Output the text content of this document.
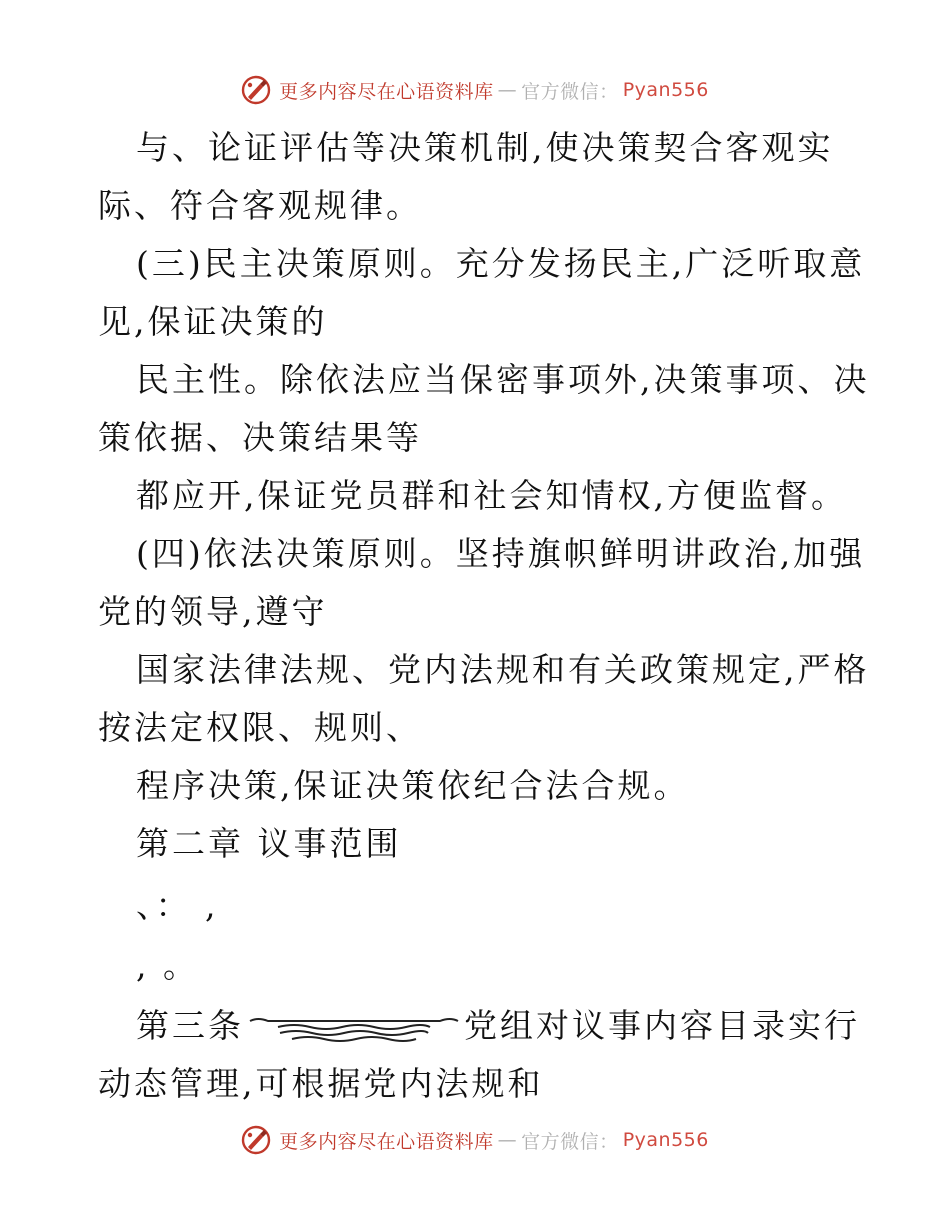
更多内容尽在心语资料库 — 官方微信： Pyan556
与、论证评估等决策机制,使决策契合客观实
际、符合客观规律。
(三)民主决策原则。充分发扬民主,广泛听取意
见,保证决策的
民主性。除依法应当保密事项外,决策事项、决
策依据、决策结果等
都应开,保证党员群和社会知情权,方便监督。
(四)依法决策原则。坚持旗帜鲜明讲政治,加强
党的领导,遵守
国家法律法规、党内法规和有关政策规定,严格
按法定权限、规则、
程序决策,保证决策依纪合法合规。
第二章 议事范围
、： ,
, 。
第三条	党组对议事内容目录实行
动态管理,可根据党内法规和
更多内容尽在心语资料库 — 官方微信： Pyan556
